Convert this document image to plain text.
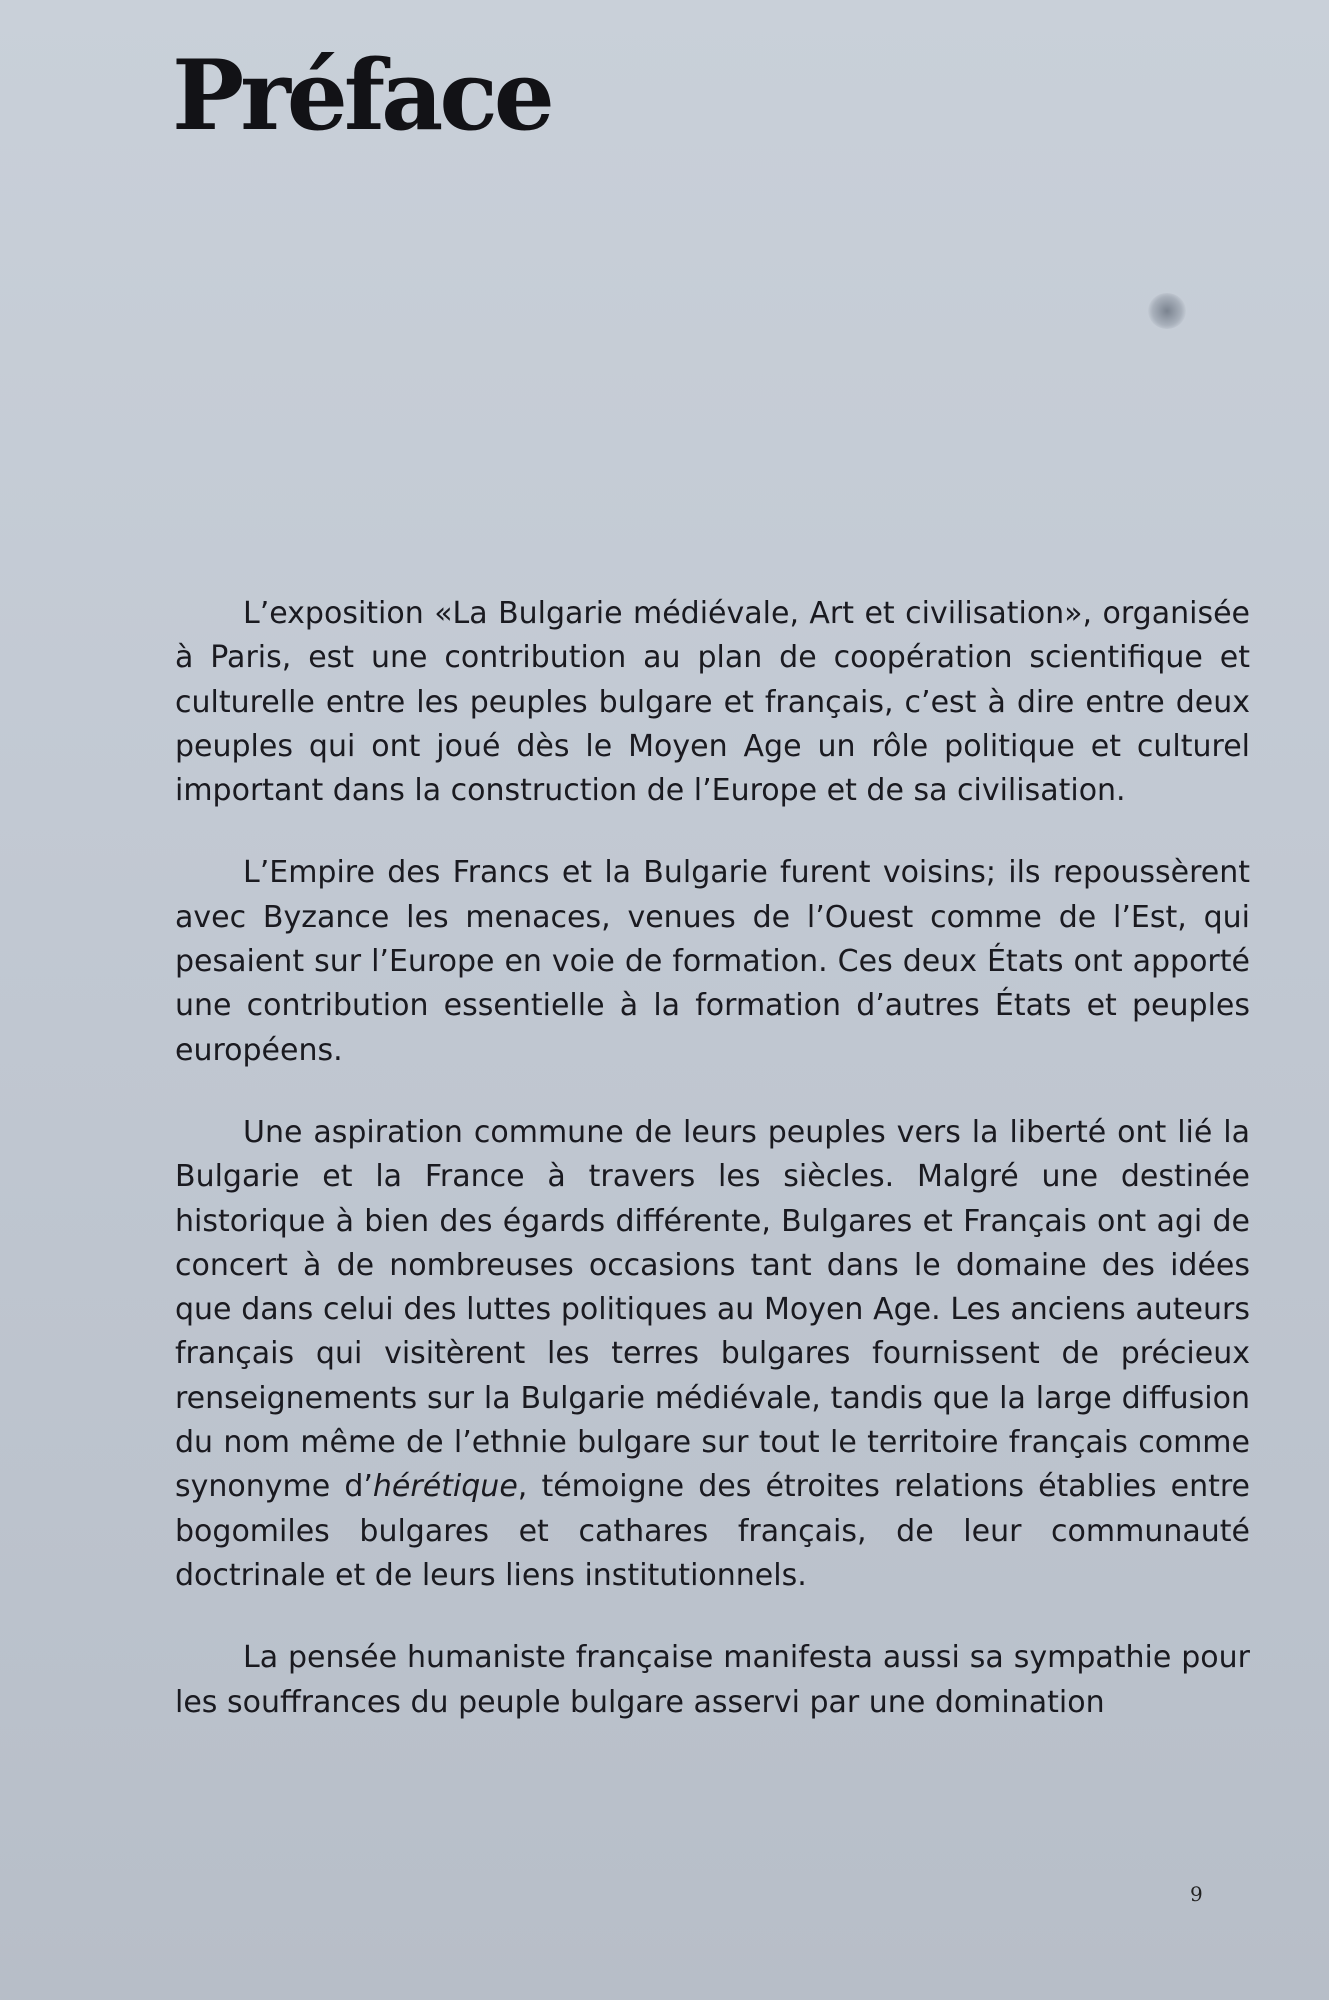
Préface

L’exposition «La Bulgarie médiévale, Art et civilisation», organisée à Paris, est une contribution au plan de coopération scientifique et culturelle entre les peuples bulgare et français, c’est à dire entre deux peuples qui ont joué dès le Moyen Age un rôle politique et culturel important dans la construction de l’Europe et de sa civilisation.

L’Empire des Francs et la Bulgarie furent voisins; ils repoussèrent avec Byzance les menaces, venues de l’Ouest comme de l’Est, qui pesaient sur l’Europe en voie de formation. Ces deux États ont apporté une contribution essentielle à la formation d’autres États et peuples européens.

Une aspiration commune de leurs peuples vers la liberté ont lié la Bulgarie et la France à travers les siècles. Malgré une destinée historique à bien des égards différente, Bulgares et Français ont agi de concert à de nombreuses occasions tant dans le domaine des idées que dans celui des luttes politiques au Moyen Age. Les anciens auteurs français qui visitèrent les terres bulgares fournissent de précieux renseignements sur la Bulgarie médiévale, tandis que la large diffusion du nom même de l’ethnie bulgare sur tout le territoire français comme synonyme d’hérétique, témoigne des étroites relations établies entre bogomiles bulgares et cathares français, de leur communauté doctrinale et de leurs liens institutionnels.

La pensée humaniste française manifesta aussi sa sympathie pour les souffrances du peuple bulgare asservi par une domination

9
